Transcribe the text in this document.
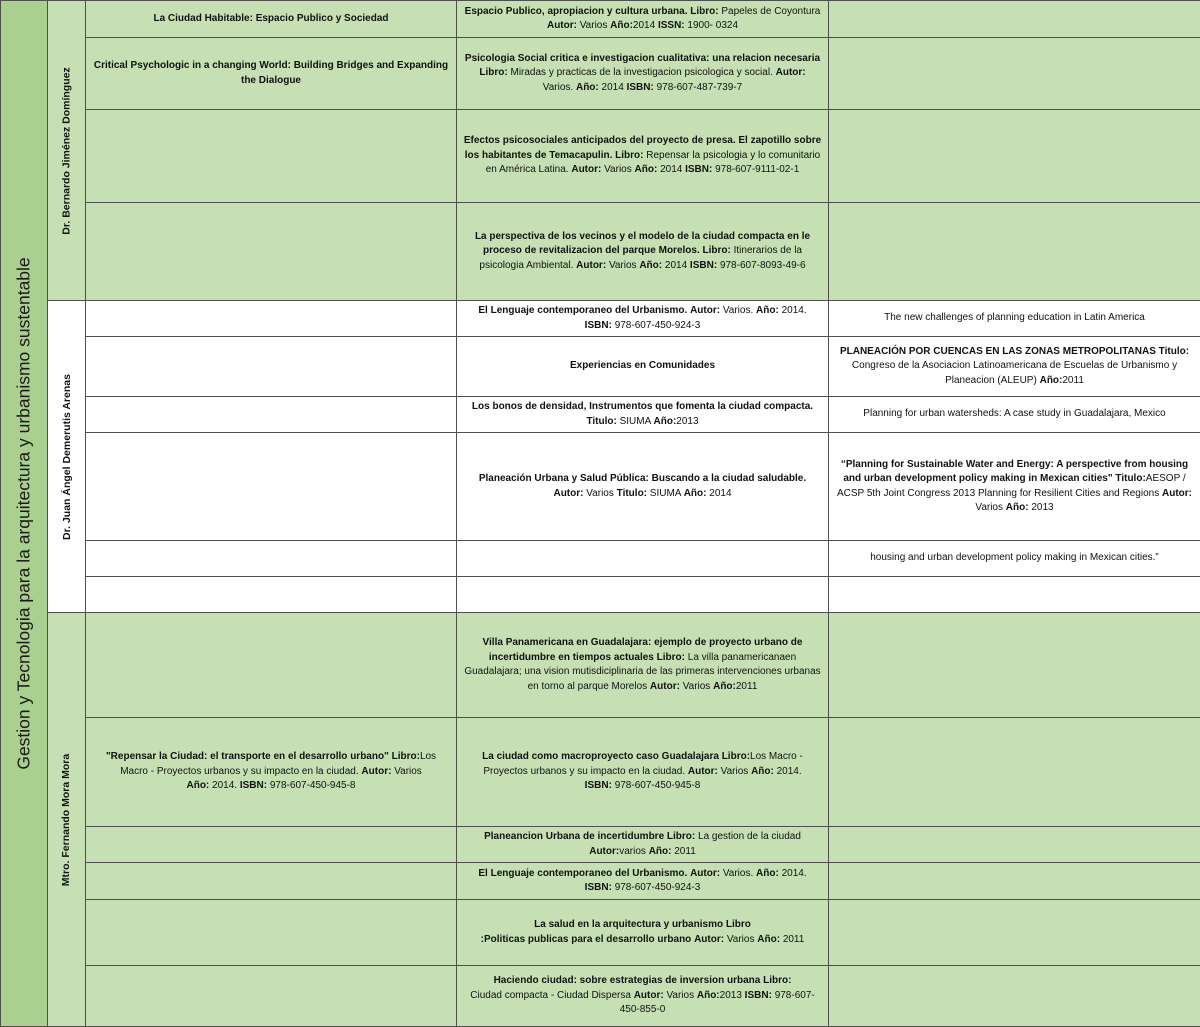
Gestion y Tecnologia para la arquitectura y urbanismo sustentable
Dr. Bernardo Jiménez Domínguez
Dr. Juan Ángel Demerutis Arenas
Mtro. Fernando Mora Mora
La Ciudad Habitable: Espacio Publico y Sociedad
Espacio Publico, apropiacion y cultura urbana. Libro: Papeles de Coyontura
Autor: Varios Año:2014 ISSN: 1900- 0324
Critical Psychologic in a changing World: Building Bridges and Expanding the Dialogue
Psicologia Social critica e investigacion cualitativa: una relacion necesaria
Libro: Miradas y practicas de la investigacion psicologica y social. Autor: Varios. Año: 2014 ISBN: 978-607-487-739-7
Efectos psicosociales anticipados del proyecto de presa. El zapotillo sobre los habitantes de Temacapulin. Libro: Repensar la psicologia y lo comunitario en América Latina. Autor: Varios Año: 2014 ISBN: 978-607-9111-02-1
La perspectiva de los vecinos y el modelo de la ciudad compacta en le proceso de revitalizacion del parque Morelos. Libro: Itinerarios de la psicologia Ambiental. Autor: Varios Año: 2014 ISBN: 978-607-8093-49-6
El Lenguaje contemporaneo del Urbanismo. Autor: Varios. Año: 2014.
ISBN: 978-607-450-924-3
The new challenges of planning education in Latin America
Experiencias en Comunidades
PLANEACIÓN POR CUENCAS EN LAS ZONAS METROPOLITANAS Titulo:
Congreso de la Asociacion Latinoamericana de Escuelas de Urbanismo y Planeacion (ALEUP) Año:2011
Los bonos de densidad, Instrumentos que fomenta la ciudad compacta.
Titulo: SIUMA Año:2013
Planning for urban watersheds: A case study in Guadalajara, Mexico
Planeación Urbana y Salud Pública: Buscando a la ciudad saludable.
Autor: Varios Titulo: SIUMA Año: 2014
“Planning for Sustainable Water and Energy: A perspective from housing and urban development policy making in Mexican cities" Titulo:AESOP / ACSP 5th Joint Congress 2013 Planning for Resilient Cities and Regions Autor: Varios Año: 2013
housing and urban development policy making in Mexican cities.”
Villa Panamericana en Guadalajara: ejemplo de proyecto urbano de incertidumbre en tiempos actuales Libro: La villa panamericanaen Guadalajara; una vision mutisdiciplinaria de las primeras intervenciones urbanas en torno al parque Morelos Autor: Varios Año:2011
"Repensar la Ciudad: el transporte en el desarrollo urbano" Libro:Los Macro - Proyectos urbanos y su impacto en la ciudad. Autor: Varios
Año: 2014. ISBN: 978-607-450-945-8
La ciudad como macroproyecto caso Guadalajara Libro:Los Macro - Proyectos urbanos y su impacto en la ciudad. Autor: Varios Año: 2014.
ISBN: 978-607-450-945-8
Planeancion Urbana de incertidumbre Libro: La gestion de la ciudad
Autor:varios Año: 2011
El Lenguaje contemporaneo del Urbanismo. Autor: Varios. Año: 2014.
ISBN: 978-607-450-924-3
La salud en la arquitectura y urbanismo Libro
:Politicas publicas para el desarrollo urbano Autor: Varios Año: 2011
Haciendo ciudad: sobre estrategias de inversion urbana Libro:
Ciudad compacta - Ciudad Dispersa Autor: Varios Año:2013 ISBN: 978-607-450-855-0
